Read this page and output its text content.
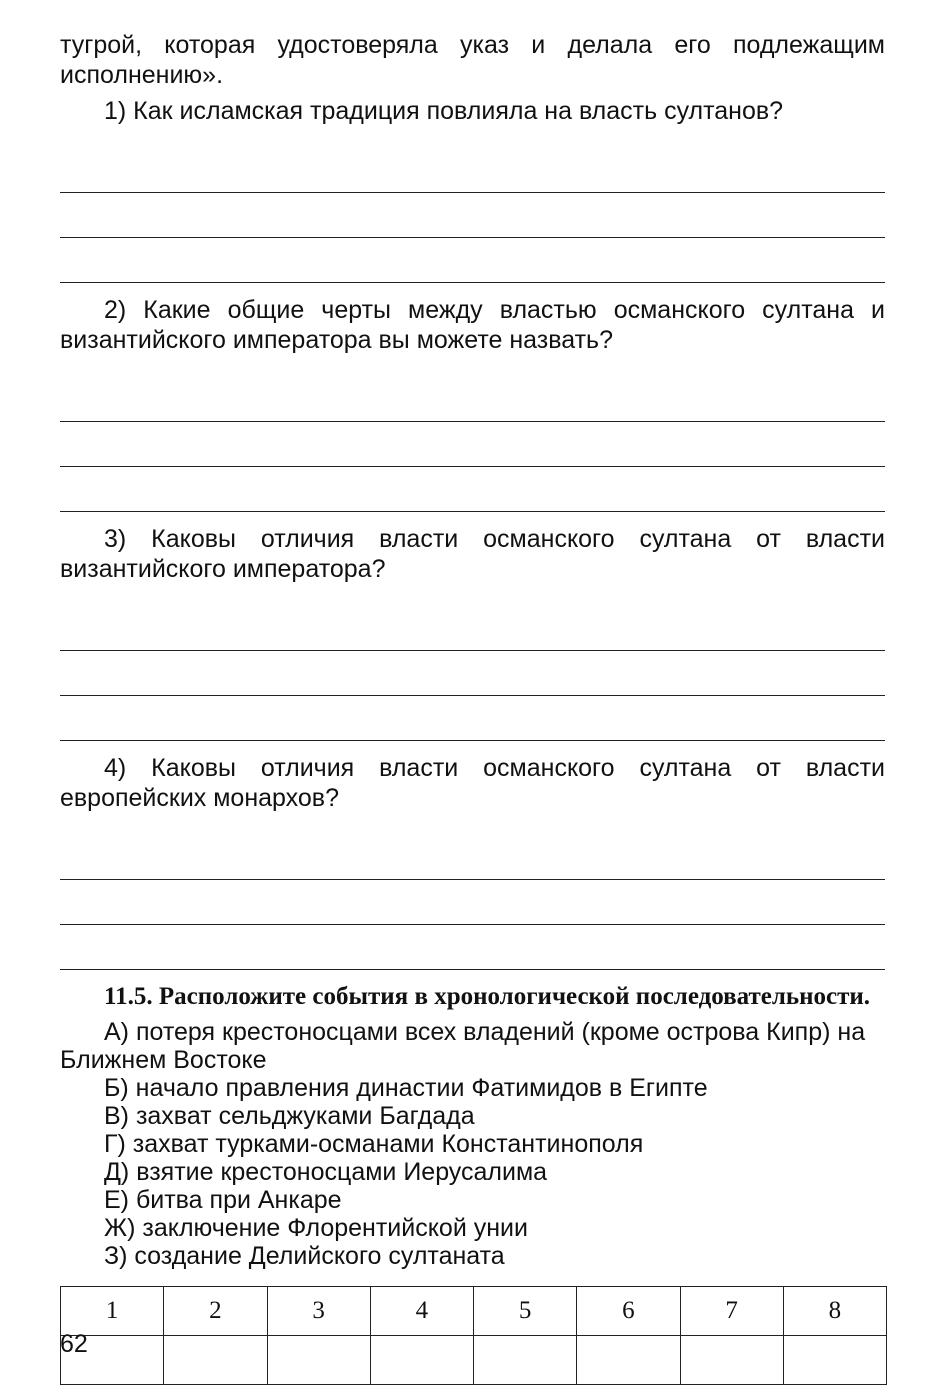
тугрой, которая удостоверяла указ и делала его подлежащим исполнению».

1) Как исламская традиция повлияла на власть султанов?

2) Какие общие черты между властью османского султана и византийского императора вы можете назвать?

3) Каковы отличия власти османского султана от власти византийского императора?

4) Каковы отличия власти османского султана от власти европейских монархов?

11.5. Расположите события в хронологической последовательности.

А) потеря крестоносцами всех владений (кроме острова Кипр) на Ближнем Востоке

Б) начало правления династии Фатимидов в Египте

В) захват сельджуками Багдада

Г) захват турками-османами Константинополя

Д) взятие крестоносцами Иерусалима

Е) битва при Анкаре

Ж) заключение Флорентийской унии

З) создание Делийского султаната

1	2	3	4	5	6	7	8

62
